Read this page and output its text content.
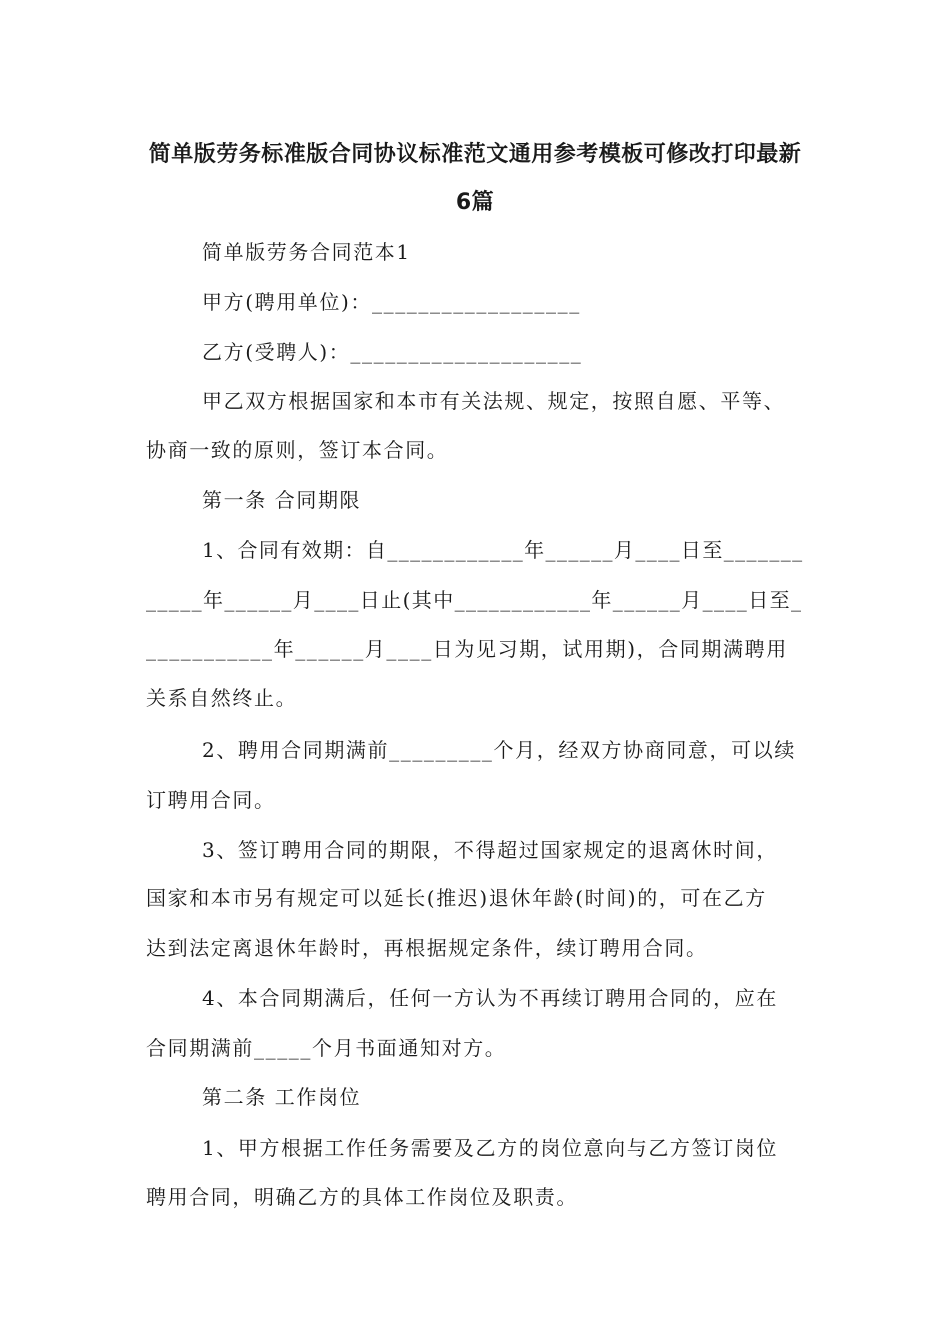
简单版劳务标准版合同协议标准范文通用参考模板可修改打印最新
6篇
简单版劳务合同范本1
甲方(聘用单位)：__________________
乙方(受聘人)：____________________
甲乙双方根据国家和本市有关法规、规定，按照自愿、平等、
协商一致的原则，签订本合同。
第一条 合同期限
1、合同有效期：自____________年______月____日至_______
_____年______月____日止(其中____________年______月____日至_
___________年______月____日为见习期，试用期)，合同期满聘用
关系自然终止。
2、聘用合同期满前_________个月，经双方协商同意，可以续
订聘用合同。
3、签订聘用合同的期限，不得超过国家规定的退离休时间，
国家和本市另有规定可以延长(推迟)退休年龄(时间)的，可在乙方
达到法定离退休年龄时，再根据规定条件，续订聘用合同。
4、本合同期满后，任何一方认为不再续订聘用合同的，应在
合同期满前_____个月书面通知对方。
第二条 工作岗位
1、甲方根据工作任务需要及乙方的岗位意向与乙方签订岗位
聘用合同，明确乙方的具体工作岗位及职责。
